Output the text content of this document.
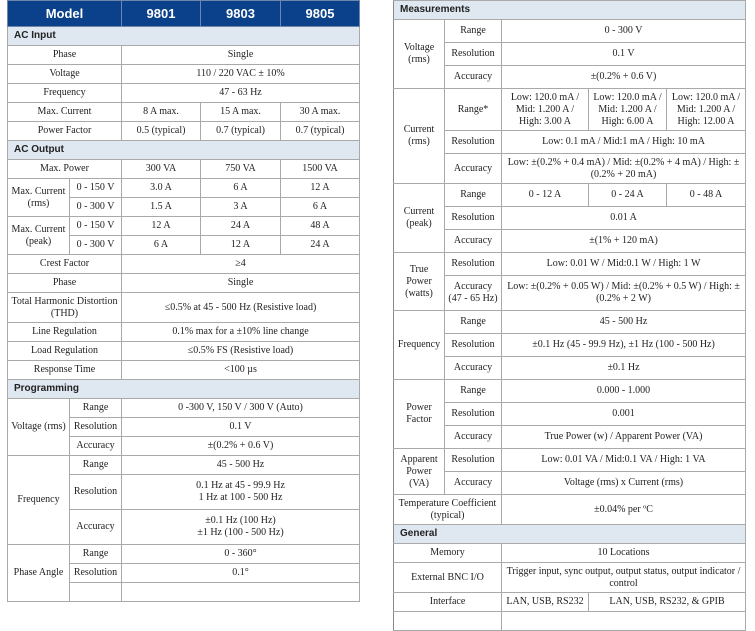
Model		9801	9803	9805
AC Input				
Phase		Single		
Voltage		110 / 220 VAC ± 10%		
Frequency		47 - 63 Hz		
Max. Current		8 A max.	15 A max.	30 A max.
Power Factor		0.5 (typical)	0.7 (typical)	0.7 (typical)
AC Output				
Max. Power		300 VA	750 VA	1500 VA
Max. Current (rms)	0 - 150 V	3.0 A	6 A	12 A
	0 - 300 V	1.5 A	3 A	6 A
Max. Current (peak)	0 - 150 V	12 A	24 A	48 A
	0 - 300 V	6 A	12 A	24 A
Crest Factor		≥4		
Phase		Single		
Total Harmonic Distortion (THD)		≤0.5% at 45 - 500 Hz (Resistive load)		
Line Regulation		0.1% max for a ±10% line change		
Load Regulation		≤0.5% FS (Resistive load)		
Response Time		<100 µs		
Programming				
Voltage (rms)	Range	0 -300 V, 150 V / 300 V (Auto)		
	Resolution	0.1 V		
	Accuracy	±(0.2% + 0.6 V)		
Frequency	Range	45 - 500 Hz		
	Resolution	0.1 Hz at 45 - 99.9 Hz
1 Hz at 100 - 500 Hz		

	Accuracy	±0.1 Hz (100 Hz)
±1 Hz (100 - 500 Hz)		

Phase Angle	Range	0 - 360°		
	Resolution	0.1°		

Measurements				
Voltage (rms)	Range	0 - 300 V		
	Resolution	0.1 V		
	Accuracy	±(0.2% + 0.6 V)		
Current (rms)	Range*	Low: 120.0 mA / Mid: 1.200 A / High: 3.00 A	Low: 120.0 mA / Mid: 1.200 A / High: 6.00 A	Low: 120.0 mA / Mid: 1.200 A / High: 12.00 A
	Resolution	Low: 0.1 mA / Mid:1 mA / High: 10 mA		
	Accuracy	Low: ±(0.2% + 0.4 mA) / Mid: ±(0.2% + 4 mA) / High: ±(0.2% + 20 mA)		
Current (peak)	Range	0 - 12 A	0 - 24 A	0 - 48 A
	Resolution	0.01 A		
	Accuracy	±(1% + 120 mA)		
True Power (watts)	Resolution	Low: 0.01 W / Mid:0.1 W / High: 1 W		
	Accuracy (47 - 65 Hz)	Low: ±(0.2% + 0.05 W) / Mid: ±(0.2% + 0.5 W) / High: ±(0.2% + 2 W)		
Frequency	Range	45 - 500 Hz		
	Resolution	±0.1 Hz (45 - 99.9 Hz), ±1 Hz (100 - 500 Hz)		
	Accuracy	±0.1 Hz		
Power Factor	Range	0.000 - 1.000		
	Resolution	0.001		
	Accuracy	True Power (w) / Apparent Power (VA)		
Apparent Power (VA)	Resolution	Low: 0.01 VA / Mid:0.1 VA / High: 1 VA		
	Accuracy	Voltage (rms) x Current (rms)		
Temperature Coefficient (typical)		±0.04% per ºC		
General				
Memory		10 Locations		
External BNC I/O		Trigger input, sync output, output status, output indicator / control		
Interface		LAN, USB, RS232	LAN, USB, RS232, & GPIB	
